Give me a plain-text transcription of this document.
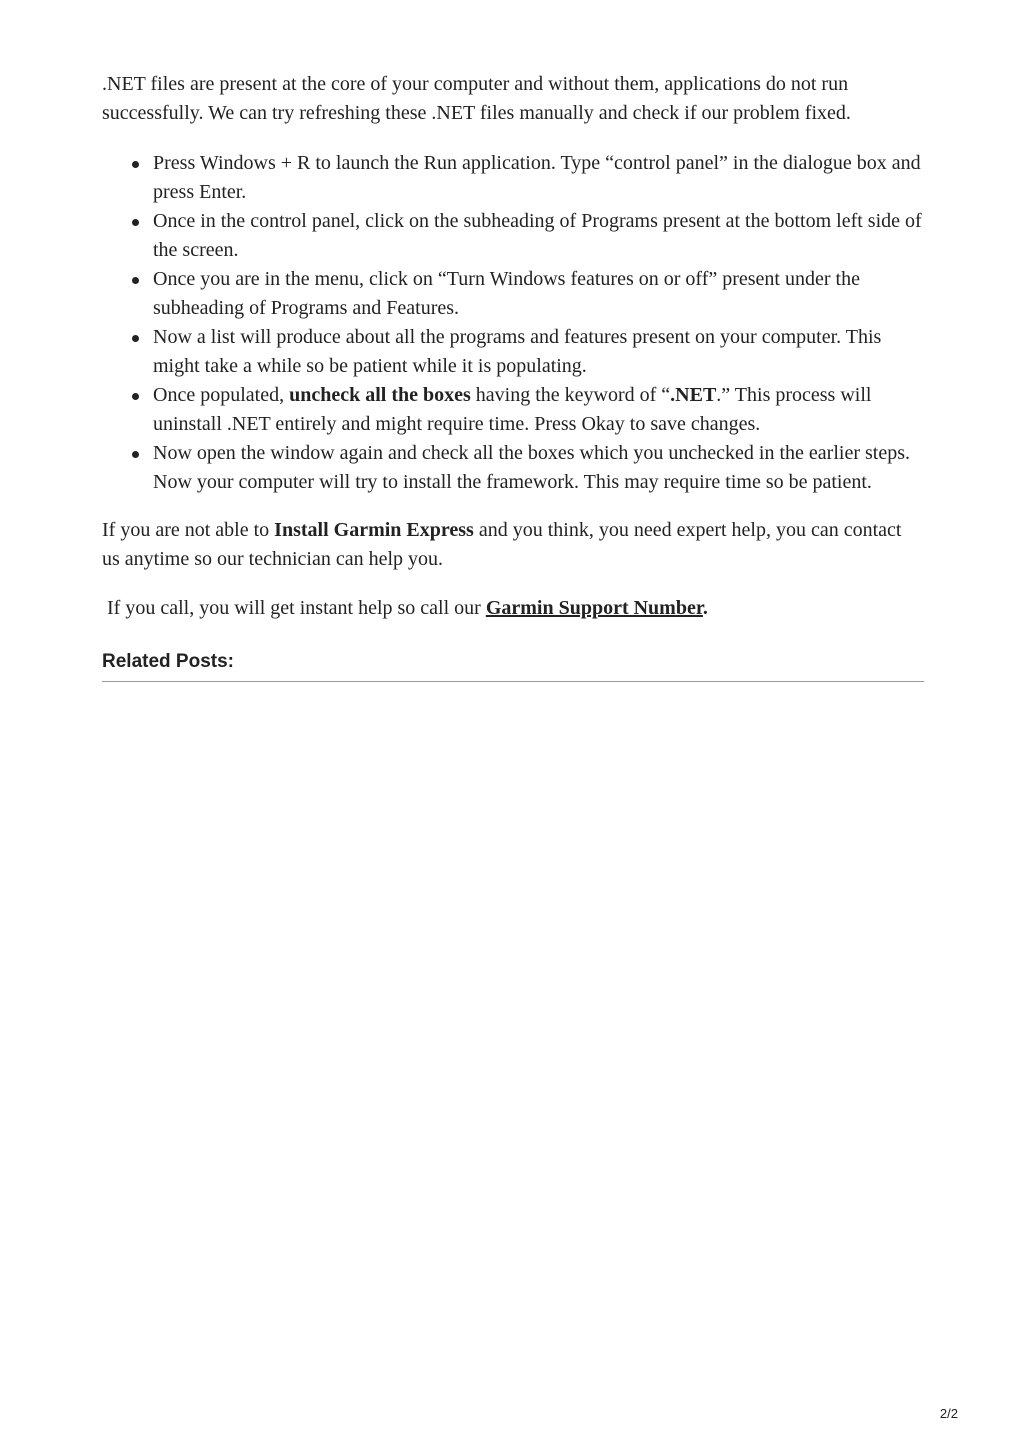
.NET files are present at the core of your computer and without them, applications do not run successfully. We can try refreshing these .NET files manually and check if our problem fixed.

Press Windows + R to launch the Run application. Type “control panel” in the dialogue box and press Enter.
Once in the control panel, click on the subheading of Programs present at the bottom left side of the screen.
Once you are in the menu, click on “Turn Windows features on or off” present under the subheading of Programs and Features.
Now a list will produce about all the programs and features present on your computer. This might take a while so be patient while it is populating.
Once populated, uncheck all the boxes having the keyword of “.NET.” This process will uninstall .NET entirely and might require time. Press Okay to save changes.
Now open the window again and check all the boxes which you unchecked in the earlier steps. Now your computer will try to install the framework. This may require time so be patient.

If you are not able to Install Garmin Express and you think, you need expert help, you can contact us anytime so our technician can help you.

If you call, you will get instant help so call our Garmin Support Number.

Related Posts:
2/2
